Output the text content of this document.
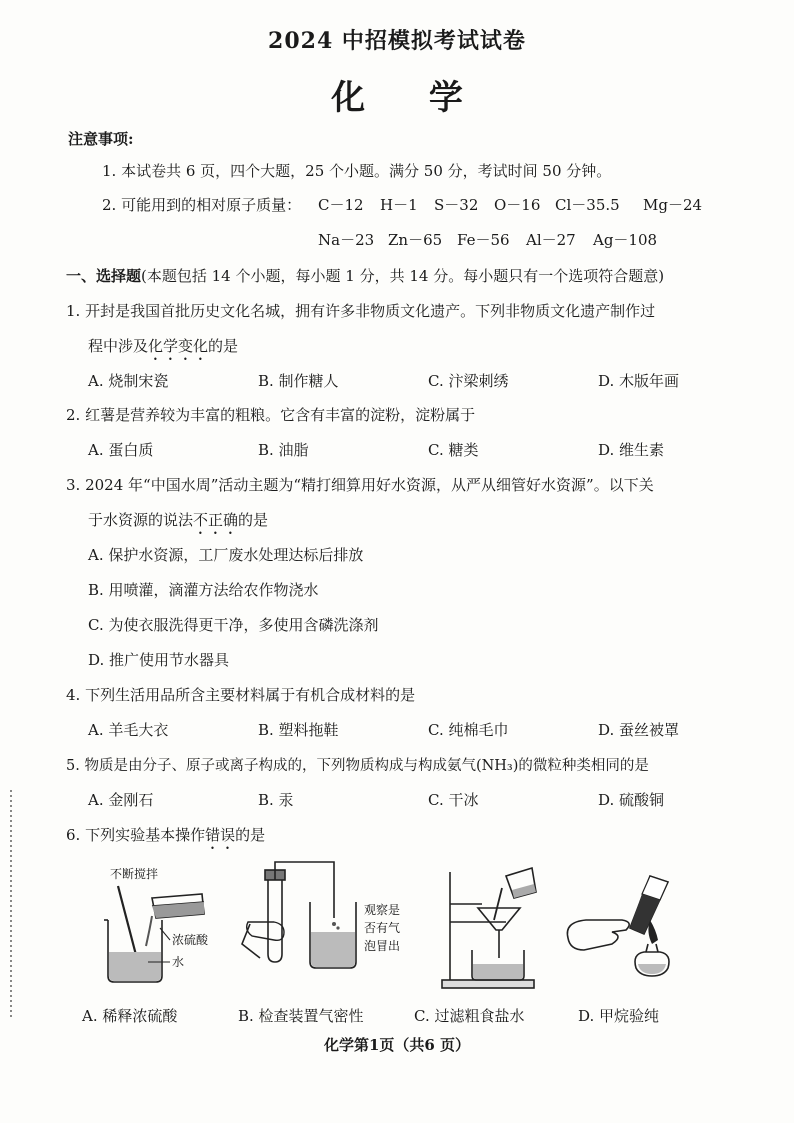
2024 中招模拟考试试卷
化 学
注意事项:
1. 本试卷共 6 页，四个大题，25 个小题。满分 50 分，考试时间 50 分钟。
2. 可能用到的相对原子质量： C－12 H－1 S－32 O－16 Cl－35.5 Mg－24
Na－23 Zn－65 Fe－56 Al－27 Ag－108
一、选择题(本题包括 14 个小题，每小题 1 分，共 14 分。每小题只有一个选项符合题意)
1. 开封是我国首批历史文化名城，拥有许多非物质文化遗产。下列非物质文化遗产制作过
程中涉及化学变化的是
A. 烧制宋瓷	B. 制作糖人	C. 汴梁刺绣	D. 木版年画
2. 红薯是营养较为丰富的粗粮。它含有丰富的淀粉，淀粉属于
A. 蛋白质	B. 油脂	C. 糖类	D. 维生素
3. 2024 年“中国水周”活动主题为“精打细算用好水资源，从严从细管好水资源”。以下关
于水资源的说法不正确的是
A. 保护水资源，工厂废水处理达标后排放
B. 用喷灌，滴灌方法给农作物浇水
C. 为使衣服洗得更干净，多使用含磷洗涤剂
D. 推广使用节水器具
4. 下列生活用品所含主要材料属于有机合成材料的是
A. 羊毛大衣	B. 塑料拖鞋	C. 纯棉毛巾	D. 蚕丝被罩
5. 物质是由分子、原子或离子构成的，下列物质构成与构成氨气(NH₃)的微粒种类相同的是
A. 金刚石	B. 汞	C. 干冰	D. 硫酸铜
6. 下列实验基本操作错误的是
不断搅拌
浓硫酸
水
观察是
否有气
泡冒出
A. 稀释浓硫酸	B. 检查装置气密性	C. 过滤粗食盐水	D. 甲烷验纯
化学第1页（共6 页）
